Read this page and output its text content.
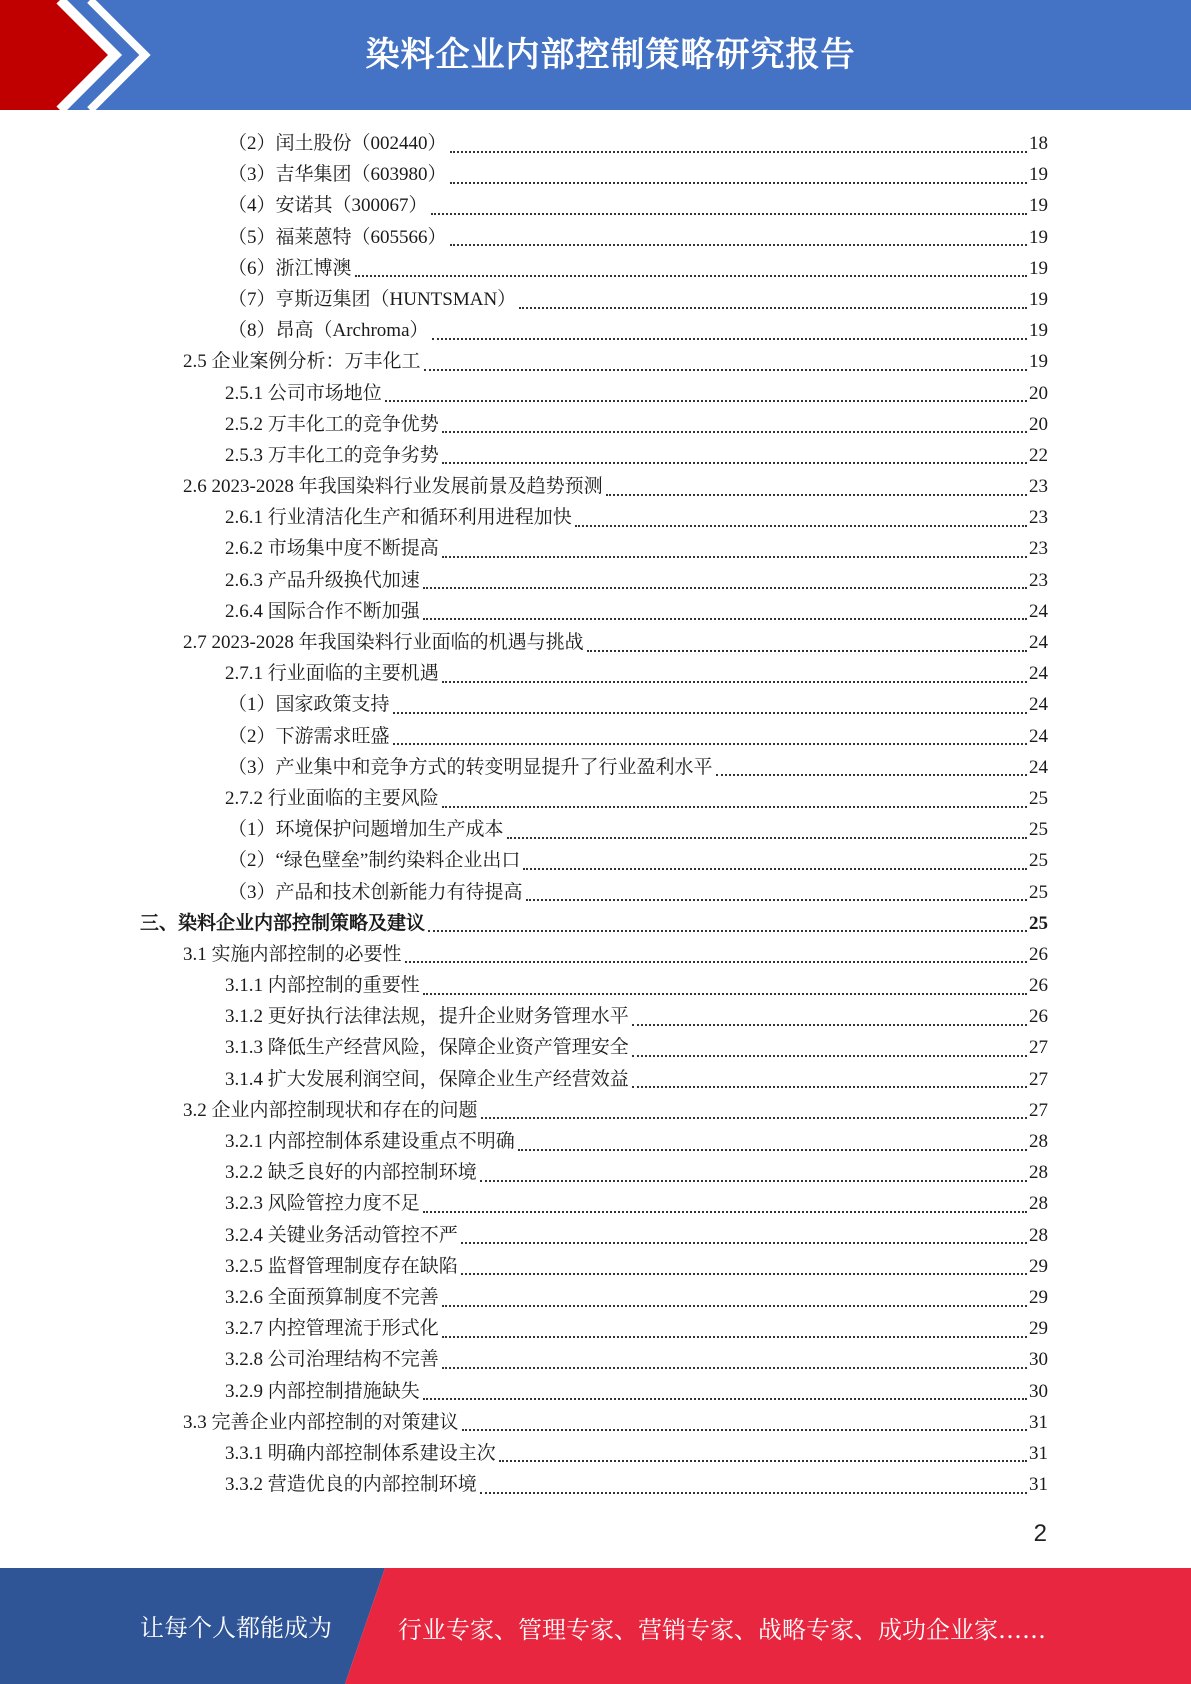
染料企业内部控制策略研究报告
（2）闰土股份（002440）	18
（3）吉华集团（603980）	19
（4）安诺其（300067）	19
（5）福莱蒽特（605566）	19
（6）浙江博澳	19
（7）亨斯迈集团（HUNTSMAN）	19
（8）昂高（Archroma）	19
2.5 企业案例分析：万丰化工	19
2.5.1 公司市场地位	20
2.5.2 万丰化工的竞争优势	20
2.5.3 万丰化工的竞争劣势	22
2.6 2023-2028 年我国染料行业发展前景及趋势预测	23
2.6.1 行业清洁化生产和循环利用进程加快	23
2.6.2 市场集中度不断提高	23
2.6.3 产品升级换代加速	23
2.6.4 国际合作不断加强	24
2.7 2023-2028 年我国染料行业面临的机遇与挑战	24
2.7.1 行业面临的主要机遇	24
（1）国家政策支持	24
（2）下游需求旺盛	24
（3）产业集中和竞争方式的转变明显提升了行业盈利水平	24
2.7.2 行业面临的主要风险	25
（1）环境保护问题增加生产成本	25
（2）“绿色壁垒”制约染料企业出口	25
（3）产品和技术创新能力有待提高	25
三、染料企业内部控制策略及建议	25
3.1 实施内部控制的必要性	26
3.1.1 内部控制的重要性	26
3.1.2 更好执行法律法规，提升企业财务管理水平	26
3.1.3 降低生产经营风险，保障企业资产管理安全	27
3.1.4 扩大发展利润空间，保障企业生产经营效益	27
3.2 企业内部控制现状和存在的问题	27
3.2.1 内部控制体系建设重点不明确	28
3.2.2 缺乏良好的内部控制环境	28
3.2.3 风险管控力度不足	28
3.2.4 关键业务活动管控不严	28
3.2.5 监督管理制度存在缺陷	29
3.2.6 全面预算制度不完善	29
3.2.7 内控管理流于形式化	29
3.2.8 公司治理结构不完善	30
3.2.9 内部控制措施缺失	30
3.3 完善企业内部控制的对策建议	31
3.3.1 明确内部控制体系建设主次	31
3.3.2 营造优良的内部控制环境	31
2
让每个人都能成为	行业专家、管理专家、营销专家、战略专家、成功企业家……
